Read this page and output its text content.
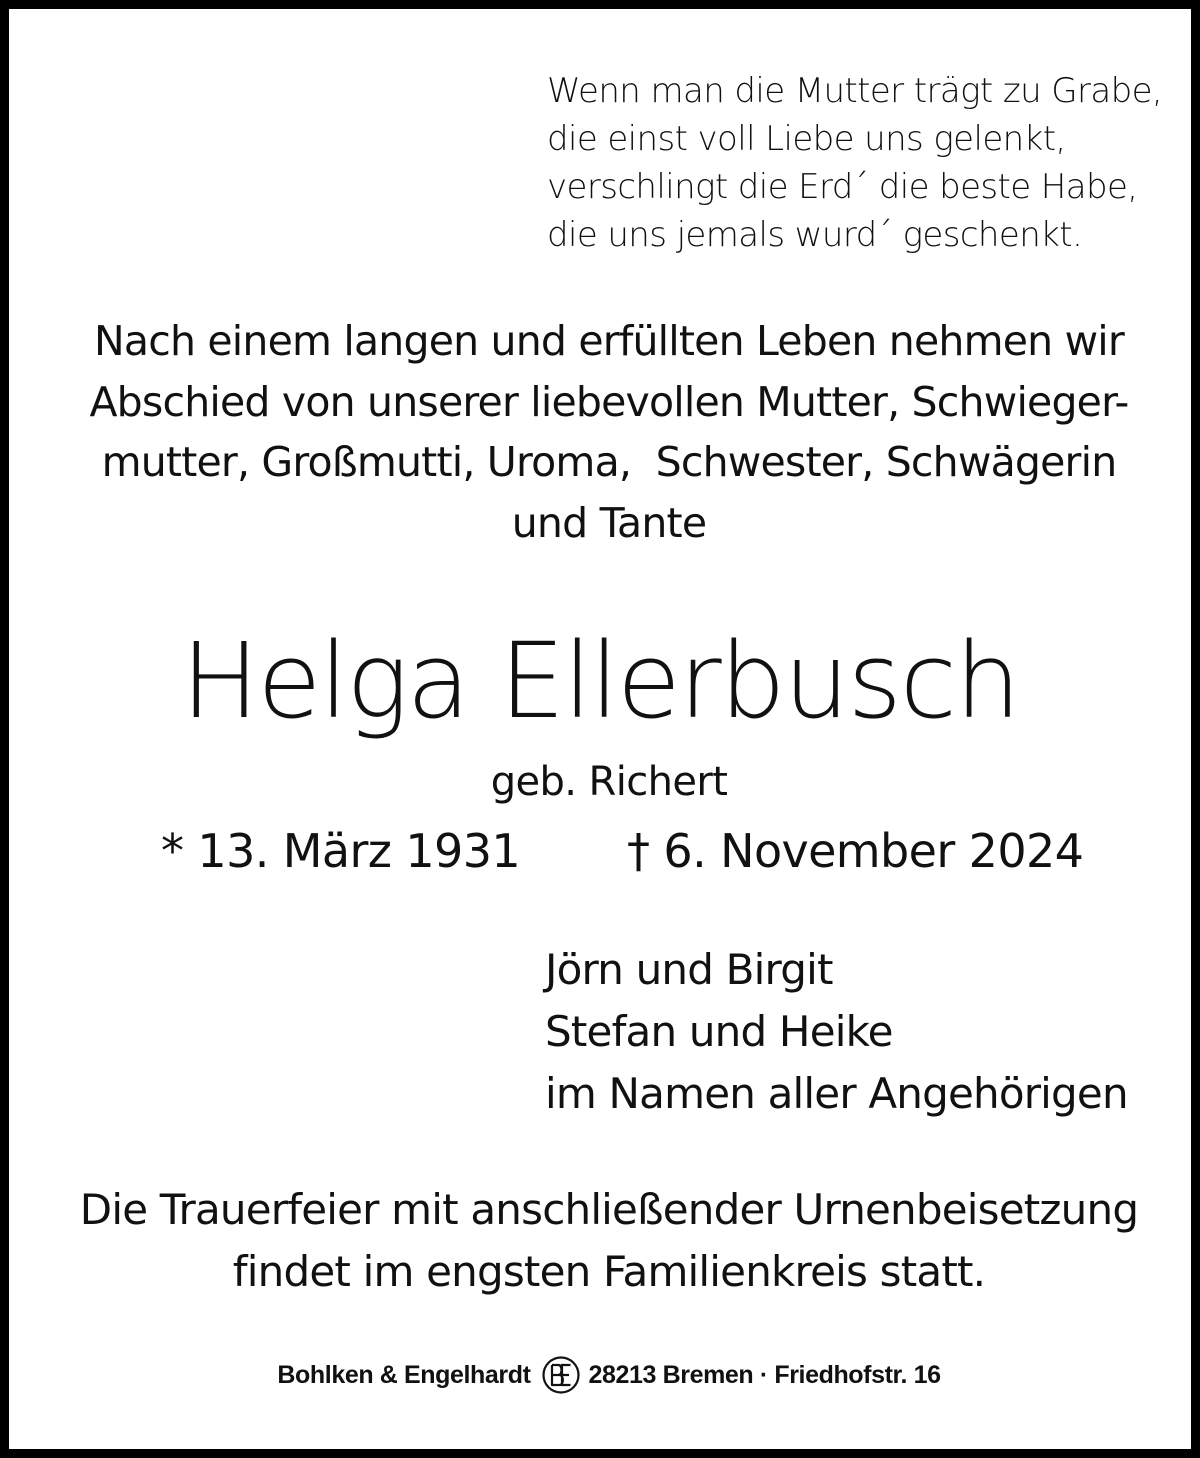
Wenn man die Mutter trägt zu Grabe,
die einst voll Liebe uns gelenkt,
verschlingt die Erd´ die beste Habe,
die uns jemals wurd´ geschenkt.
Nach einem langen und erfüllten Leben nehmen wir
Abschied von unserer liebevollen Mutter, Schwieger-
mutter, Großmutti, Uroma,  Schwester, Schwägerin
und Tante
Helga Ellerbusch
geb. Richert
* 13. März 1931 † 6. November 2024
Jörn und Birgit
Stefan und Heike
im Namen aller Angehörigen
Die Trauerfeier mit anschließender Urnenbeisetzung
findet im engsten Familienkreis statt.
Bohlken & Engelhardt 28213 Bremen · Friedhofstr. 16
